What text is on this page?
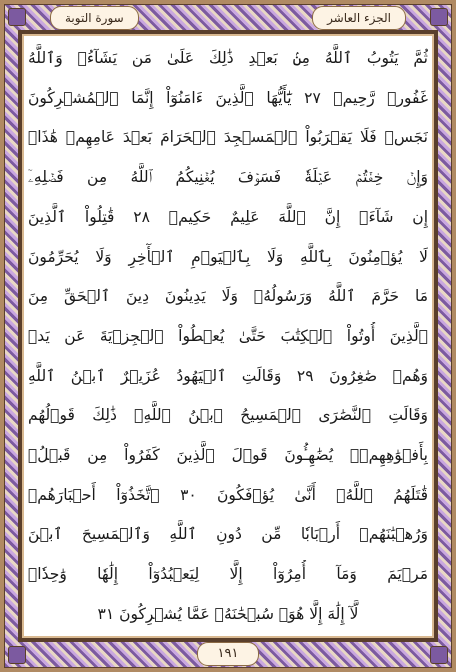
سورة التوبة	الجزء العاشر
ثُمَّ يَتُوبُ ٱللَّهُ مِنۢ بَعۡدِ ذَٰلِكَ عَلَىٰ مَن يَشَآءُۗ وَٱللَّهُ
غَفُورٞ رَّحِيمٞ ٢٧ يَٰٓأَيُّهَا ٱلَّذِينَ ءَامَنُوٓاْ إِنَّمَا ٱلۡمُشۡرِكُونَ
نَجَسٞ فَلَا يَقۡرَبُواْ ٱلۡمَسۡجِدَ ٱلۡحَرَامَ بَعۡدَ عَامِهِمۡ هَٰذَاۚ
وَإِنۡ خِفۡتُمۡ عَيۡلَةٗ فَسَوۡفَ يُغۡنِيكُمُ ٱللَّهُ مِن فَضۡلِهِۦٓ
إِن شَآءَۚ إِنَّ ٱللَّهَ عَلِيمٌ حَكِيمٞ ٢٨ قَٰتِلُواْ ٱلَّذِينَ
لَا يُؤۡمِنُونَ بِٱللَّهِ وَلَا بِٱلۡيَوۡمِ ٱلۡأٓخِرِ وَلَا يُحَرِّمُونَ
مَا حَرَّمَ ٱللَّهُ وَرَسُولُهُۥ وَلَا يَدِينُونَ دِينَ ٱلۡحَقِّ مِنَ
ٱلَّذِينَ أُوتُواْ ٱلۡكِتَٰبَ حَتَّىٰ يُعۡطُواْ ٱلۡجِزۡيَةَ عَن يَدٖ
وَهُمۡ صَٰغِرُونَ ٢٩ وَقَالَتِ ٱلۡيَهُودُ عُزَيۡرٌ ٱبۡنُ ٱللَّهِ
وَقَالَتِ ٱلنَّصَٰرَى ٱلۡمَسِيحُ ٱبۡنُ ٱللَّهِۖ ذَٰلِكَ قَوۡلُهُم
بِأَفۡوَٰهِهِمۡۖ يُضَٰهِـُٔونَ قَوۡلَ ٱلَّذِينَ كَفَرُواْ مِن قَبۡلُۚ
قَٰتَلَهُمُ ٱللَّهُۖ أَنَّىٰ يُؤۡفَكُونَ ٣٠ ٱتَّخَذُوٓاْ أَحۡبَارَهُمۡ
وَرُهۡبَٰنَهُمۡ أَرۡبَابٗا مِّن دُونِ ٱللَّهِ وَٱلۡمَسِيحَ ٱبۡنَ
مَرۡيَمَ وَمَآ أُمِرُوٓاْ إِلَّا لِيَعۡبُدُوٓاْ إِلَٰهٗا وَٰحِدٗاۖ
لَّآ إِلَٰهَ إِلَّا هُوَۚ سُبۡحَٰنَهُۥ عَمَّا يُشۡرِكُونَ ٣١
١٩١
